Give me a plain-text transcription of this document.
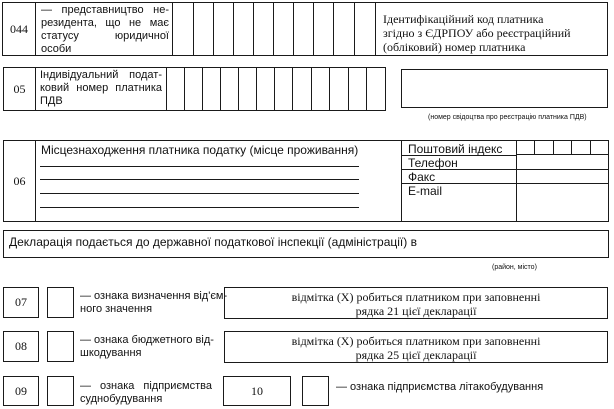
044
— представництво не-
резидента, що не має
статусу юридичної
особи
Ідентифікаційний код платника
згідно з ЄДРПОУ або реєстраційний
(обліковий) номер платника
05
Індивідуальний подат-
ковий номер платника
ПДВ
(номер свідоцтва про реєстрацію платника ПДВ)
06
Місцезнаходження платника податку (місце проживання)	Поштовий індекс
Телефон
Факс
E-mail
Декларація подається до державної податкової інспекції (адміністрації) в
(район, місто)
07	— ознака визначення від'єм-
ного значення
відмітка (Х) робиться платником при заповненні
рядка 21 цієї декларації
08	— ознака бюджетного від-
шкодування
відмітка (Х) робиться платником при заповненні
рядка 25 цієї декларації
09	— ознака підприємства
суднобудування
10	— ознака підприємства літакобудування
